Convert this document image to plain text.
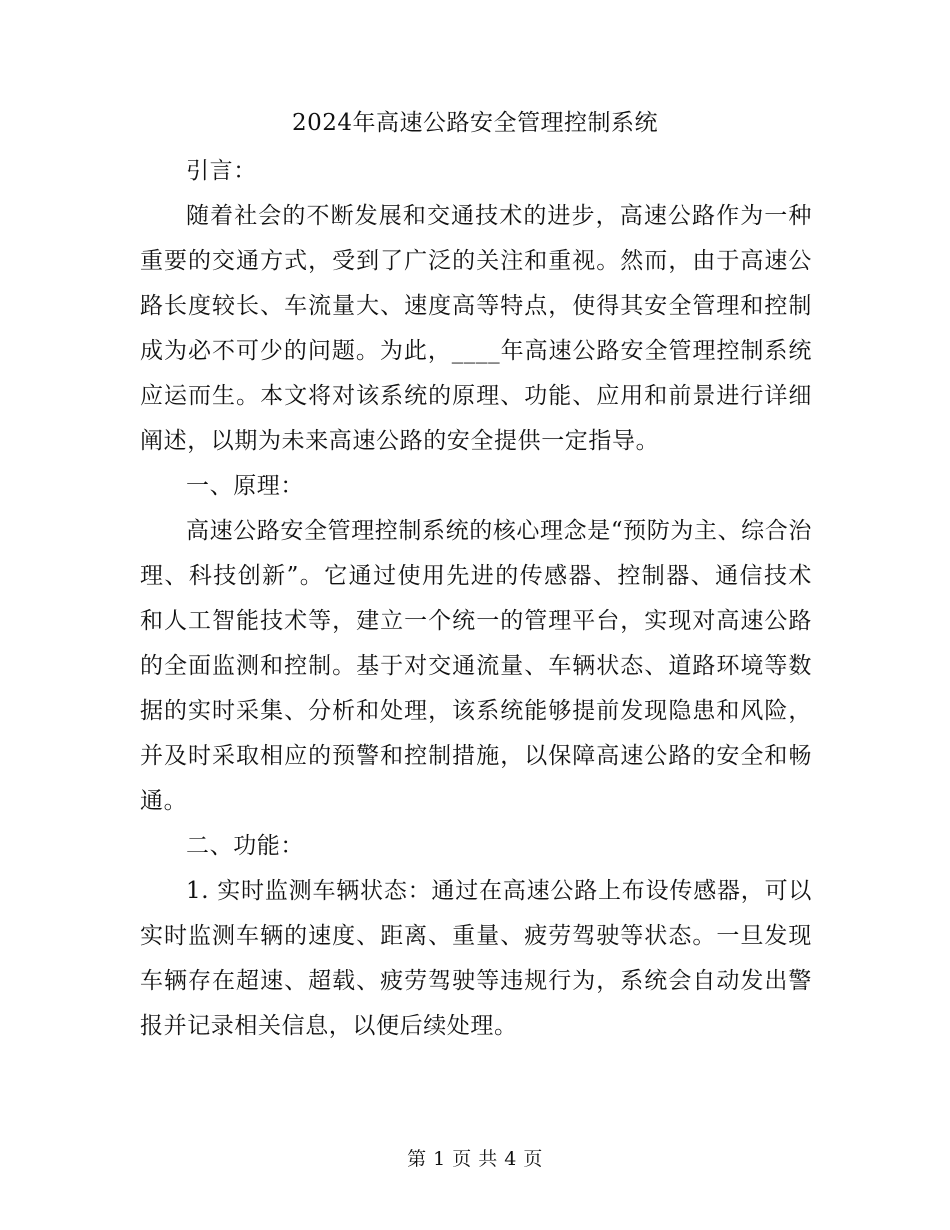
2024年高速公路安全管理控制系统

引言：

随着社会的不断发展和交通技术的进步，高速公路作为一种重要的交通方式，受到了广泛的关注和重视。然而，由于高速公路长度较长、车流量大、速度高等特点，使得其安全管理和控制成为必不可少的问题。为此，____年高速公路安全管理控制系统应运而生。本文将对该系统的原理、功能、应用和前景进行详细阐述，以期为未来高速公路的安全提供一定指导。

一、原理：

高速公路安全管理控制系统的核心理念是“预防为主、综合治理、科技创新”。它通过使用先进的传感器、控制器、通信技术和人工智能技术等，建立一个统一的管理平台，实现对高速公路的全面监测和控制。基于对交通流量、车辆状态、道路环境等数据的实时采集、分析和处理，该系统能够提前发现隐患和风险，并及时采取相应的预警和控制措施，以保障高速公路的安全和畅通。

二、功能：

1. 实时监测车辆状态：通过在高速公路上布设传感器，可以实时监测车辆的速度、距离、重量、疲劳驾驶等状态。一旦发现车辆存在超速、超载、疲劳驾驶等违规行为，系统会自动发出警报并记录相关信息，以便后续处理。

第 1 页 共 4 页
